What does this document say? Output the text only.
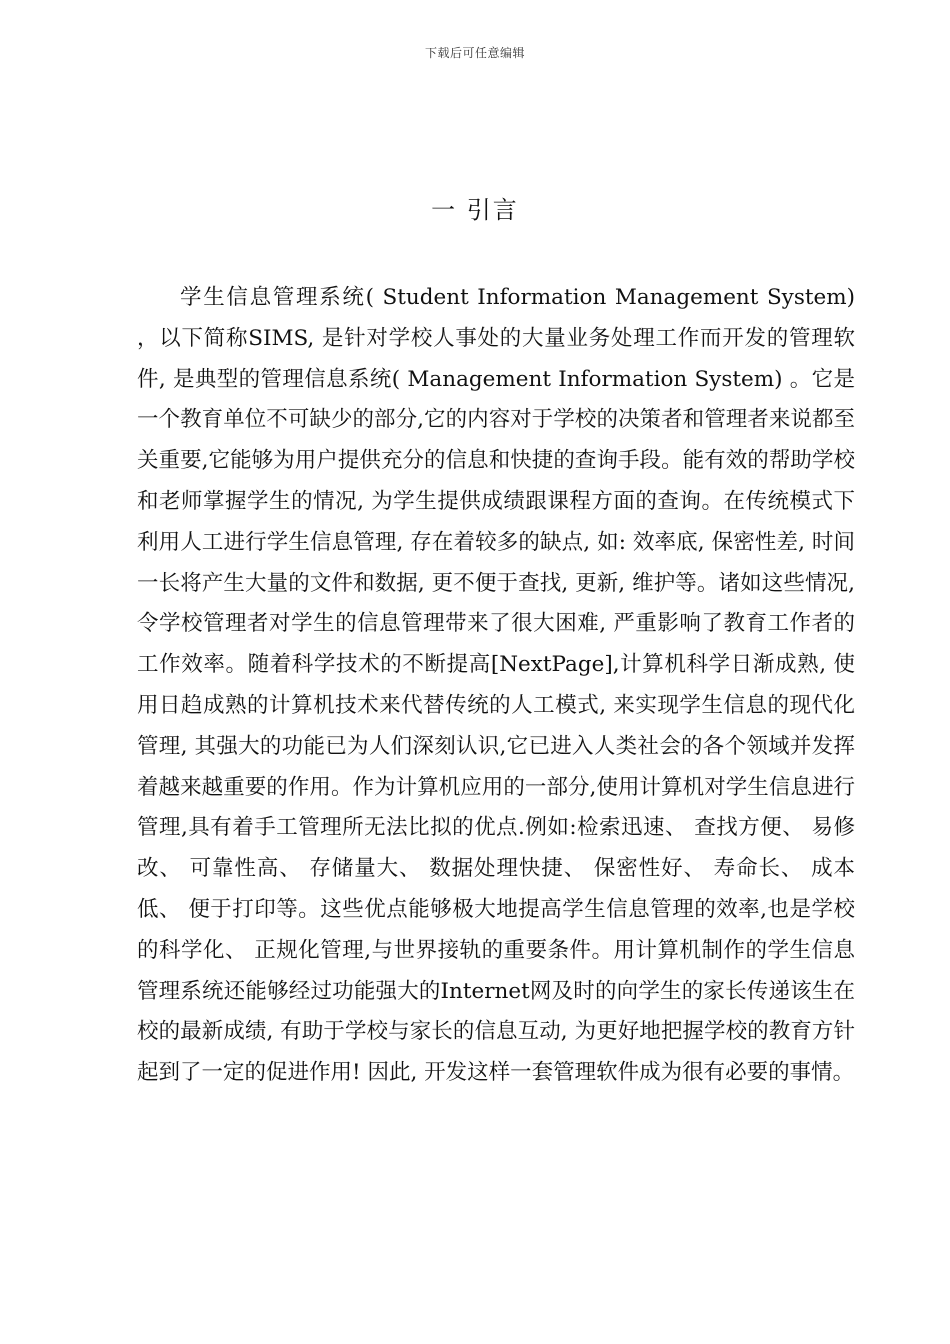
下载后可任意编辑
一 引言

学生信息管理系统( Student Information Management System) ，以下简称SIMS, 是针对学校人事处的大量业务处理工作而开发的管理软件, 是典型的管理信息系统( Management Information System) 。它是一个教育单位不可缺少的部分,它的内容对于学校的决策者和管理者来说都至关重要,它能够为用户提供充分的信息和快捷的查询手段。能有效的帮助学校和老师掌握学生的情况, 为学生提供成绩跟课程方面的查询。在传统模式下利用人工进行学生信息管理, 存在着较多的缺点, 如: 效率底, 保密性差, 时间一长将产生大量的文件和数据, 更不便于查找, 更新, 维护等。诸如这些情况, 令学校管理者对学生的信息管理带来了很大困难, 严重影响了教育工作者的工作效率。随着科学技术的不断提高[NextPage],计算机科学日渐成熟, 使用日趋成熟的计算机技术来代替传统的人工模式, 来实现学生信息的现代化管理, 其强大的功能已为人们深刻认识,它已进入人类社会的各个领域并发挥着越来越重要的作用。作为计算机应用的一部分,使用计算机对学生信息进行管理,具有着手工管理所无法比拟的优点.例如:检索迅速、 查找方便、 易修改、 可靠性高、 存储量大、 数据处理快捷、 保密性好、 寿命长、 成本低、 便于打印等。这些优点能够极大地提高学生信息管理的效率,也是学校的科学化、 正规化管理,与世界接轨的重要条件。用计算机制作的学生信息管理系统还能够经过功能强大的Internet网及时的向学生的家长传递该生在校的最新成绩, 有助于学校与家长的信息互动, 为更好地把握学校的教育方针起到了一定的促进作用! 因此, 开发这样一套管理软件成为很有必要的事情。
